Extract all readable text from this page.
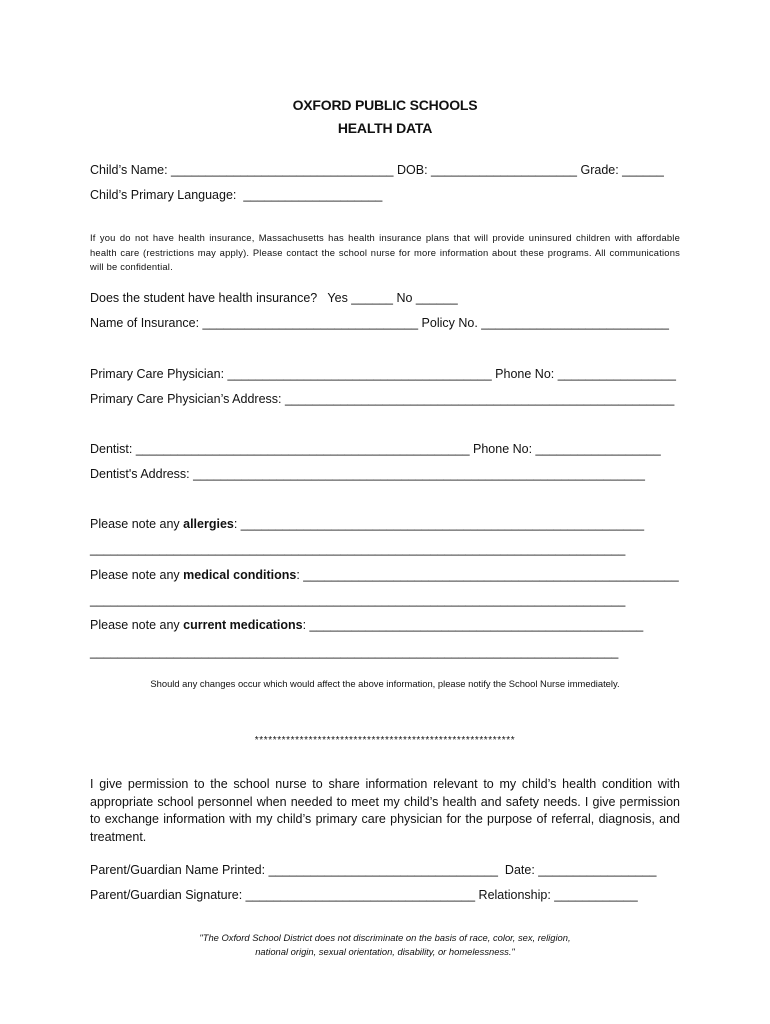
OXFORD PUBLIC SCHOOLS
HEALTH DATA
Child’s Name: ________________________________ DOB: _____________________ Grade: ______
Child’s Primary Language:  ____________________
If you do not have health insurance, Massachusetts has health insurance plans that will provide uninsured children with affordable health care (restrictions may apply). Please contact the school nurse for more information about these programs. All communications will be confidential.
Does the student have health insurance?   Yes ______ No ______
Name of Insurance: _______________________________ Policy No. ___________________________
Primary Care Physician: ______________________________________ Phone No: _________________
Primary Care Physician’s Address: ________________________________________________________
Dentist: ________________________________________________ Phone No: __________________
Dentist's Address: _________________________________________________________________
Please note any allergies: __________________________________________________________
_____________________________________________________________________________
Please note any medical conditions: ______________________________________________________
_____________________________________________________________________________
Please note any current medications: ________________________________________________
____________________________________________________________________________
Should any changes occur which would affect the above information, please notify the School Nurse immediately.
**********************************************************
I give permission to the school nurse to share information relevant to my child’s health condition with appropriate school personnel when needed to meet my child’s health and safety needs. I give permission to exchange information with my child’s primary care physician for the purpose of referral, diagnosis, and treatment.
Parent/Guardian Name Printed: _________________________________  Date: _________________
Parent/Guardian Signature: _________________________________ Relationship: ____________
"The Oxford School District does not discriminate on the basis of race, color, sex, religion,
national origin, sexual orientation, disability, or homelessness."
